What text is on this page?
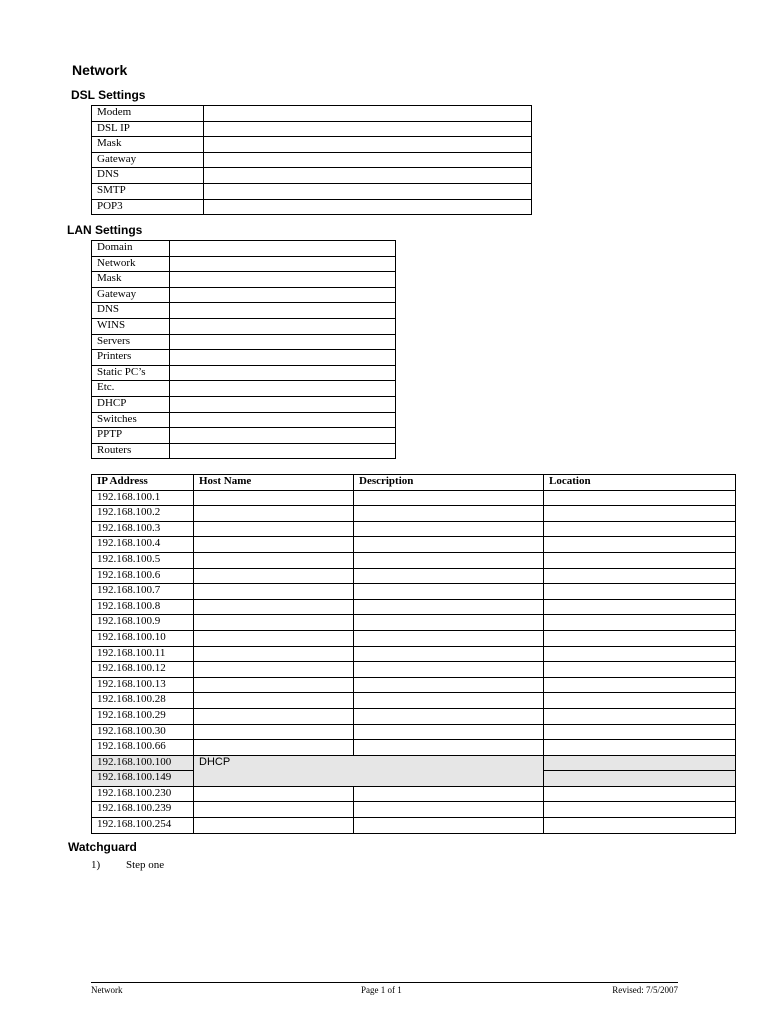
Network
DSL Settings
Modem	
DSL IP	
Mask	
Gateway	
DNS	
SMTP	
POP3	
LAN Settings
Domain	
Network	
Mask	
Gateway	
DNS	
WINS	
Servers	
Printers	
Static PC’s	
Etc.	
DHCP	
Switches	
PPTP	
Routers	
IP Address	Host Name	Description	Location
192.168.100.1			
192.168.100.2			
192.168.100.3			
192.168.100.4			
192.168.100.5			
192.168.100.6			
192.168.100.7			
192.168.100.8			
192.168.100.9			
192.168.100.10			
192.168.100.11			
192.168.100.12			
192.168.100.13			
192.168.100.28			
192.168.100.29			
192.168.100.30			
192.168.100.66			
192.168.100.100	DHCP		
192.168.100.149			
192.168.100.230			
192.168.100.239			
192.168.100.254			
Watchguard
1) Step one
Network	Page 1 of 1	Revised: 7/5/2007
